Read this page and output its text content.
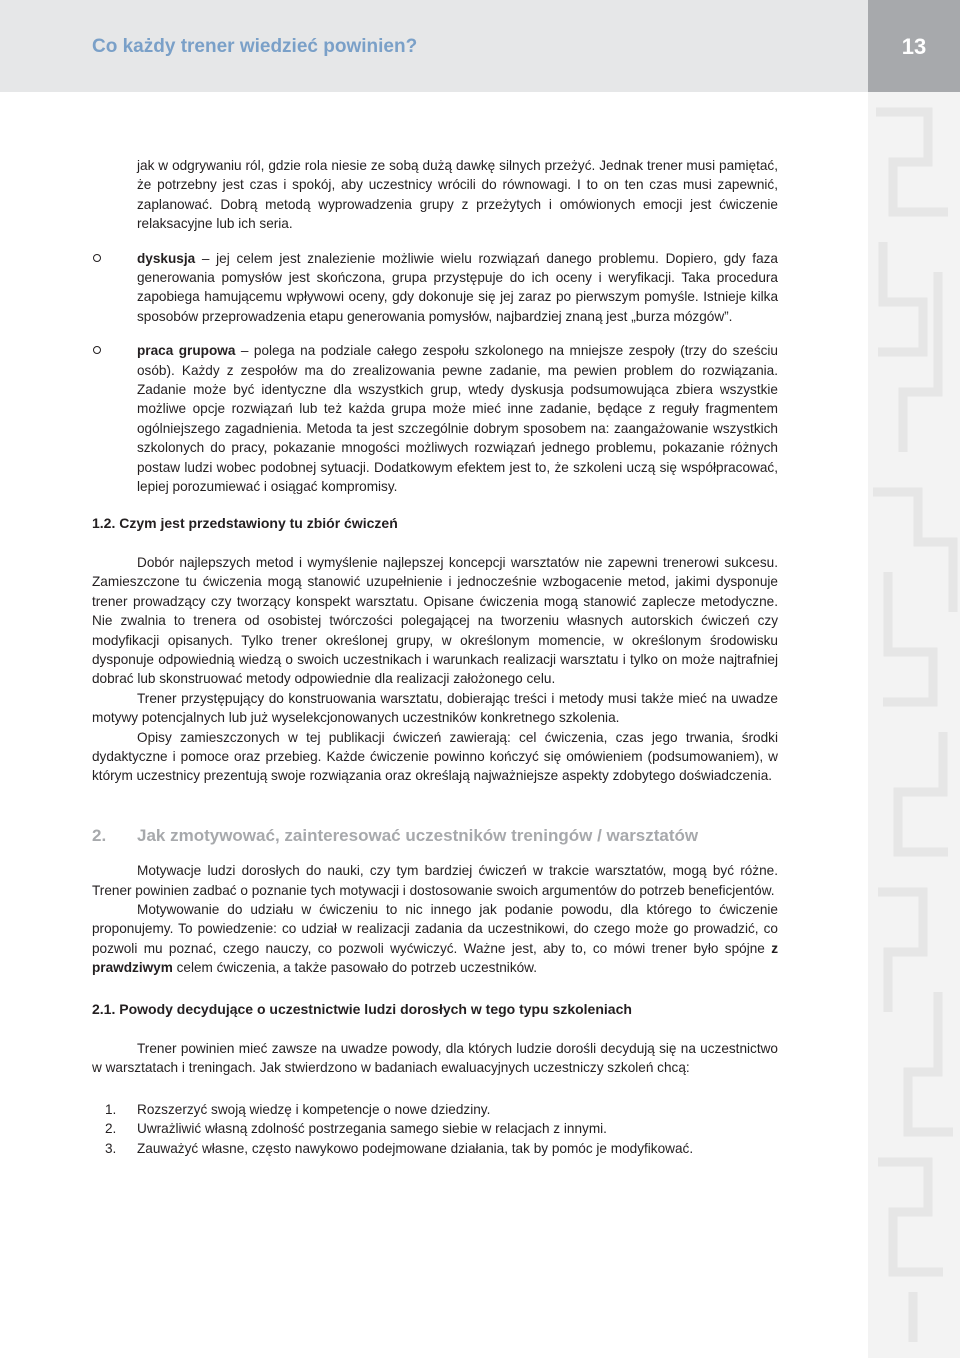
Co każdy trener wiedzieć powinien?	13

jak w odgrywaniu ról, gdzie rola niesie ze sobą dużą dawkę silnych przeżyć. Jednak trener musi pamiętać, że potrzebny jest czas i spokój, aby uczestnicy wrócili do równowagi. I to on ten czas musi zapewnić, zaplanować. Dobrą metodą wyprowadzenia grupy z przeżytych i omówionych emocji jest ćwiczenie relaksacyjne lub ich seria.

dyskusja – jej celem jest znalezienie możliwie wielu rozwiązań danego problemu. Dopiero, gdy faza generowania pomysłów jest skończona, grupa przystępuje do ich oceny i weryfikacji. Taka procedura zapobiega hamującemu wpływowi oceny, gdy dokonuje się jej zaraz po pierwszym pomyśle. Istnieje kilka sposobów przeprowadzenia etapu generowania pomysłów, najbardziej znaną jest „burza mózgów”.

praca grupowa – polega na podziale całego zespołu szkolonego na mniejsze zespoły (trzy do sześciu osób). Każdy z zespołów ma do zrealizowania pewne zadanie, ma pewien problem do rozwiązania. Zadanie może być identyczne dla wszystkich grup, wtedy dyskusja podsumowująca zbiera wszystkie możliwe opcje rozwiązań lub też każda grupa może mieć inne zadanie, będące z reguły fragmentem ogólniejszego zagadnienia. Metoda ta jest szczególnie dobrym sposobem na: zaangażowanie wszystkich szkolonych do pracy, pokazanie mnogości możliwych rozwiązań jednego problemu, pokazanie różnych postaw ludzi wobec podobnej sytuacji. Dodatkowym efektem jest to, że szkoleni uczą się współpracować, lepiej porozumiewać i osiągać kompromisy.

1.2. Czym jest przedstawiony tu zbiór ćwiczeń

Dobór najlepszych metod i wymyślenie najlepszej koncepcji warsztatów nie zapewni trenerowi sukcesu. Zamieszczone tu ćwiczenia mogą stanowić uzupełnienie i jednocześnie wzbogacenie metod, jakimi dysponuje trener prowadzący czy tworzący konspekt warsztatu. Opisane ćwiczenia mogą stanowić zaplecze metodyczne. Nie zwalnia to trenera od osobistej twórczości polegającej na tworzeniu własnych autorskich ćwiczeń czy modyfikacji opisanych. Tylko trener określonej grupy, w określonym momencie, w określonym środowisku dysponuje odpowiednią wiedzą o swoich uczestnikach i warunkach realizacji warsztatu i tylko on może najtrafniej dobrać lub skonstruować metody odpowiednie dla realizacji założonego celu.

Trener przystępujący do konstruowania warsztatu, dobierając treści i metody musi także mieć na uwadze motywy potencjalnych lub już wyselekcjonowanych uczestników konkretnego szkolenia.

Opisy zamieszczonych w tej publikacji ćwiczeń zawierają: cel ćwiczenia, czas jego trwania, środki dydaktyczne i pomoce oraz przebieg. Każde ćwiczenie powinno kończyć się omówieniem (podsumowaniem), w którym uczestnicy prezentują swoje rozwiązania oraz określają najważniejsze aspekty zdobytego doświadczenia.

2. Jak zmotywować, zainteresować uczestników treningów / warsztatów

Motywacje ludzi dorosłych do nauki, czy tym bardziej ćwiczeń w trakcie warsztatów, mogą być różne. Trener powinien zadbać o poznanie tych motywacji i dostosowanie swoich argumentów do potrzeb beneficjentów.

Motywowanie do udziału w ćwiczeniu to nic innego jak podanie powodu, dla którego to ćwiczenie proponujemy. To powiedzenie: co udział w realizacji zadania da uczestnikowi, do czego może go prowadzić, co pozwoli mu poznać, czego nauczy, co pozwoli wyćwiczyć. Ważne jest, aby to, co mówi trener było spójne z prawdziwym celem ćwiczenia, a także pasowało do potrzeb uczestników.

2.1. Powody decydujące o uczestnictwie ludzi dorosłych w tego typu szkoleniach

Trener powinien mieć zawsze na uwadze powody, dla których ludzie dorośli decydują się na uczestnictwo w warsztatach i treningach. Jak stwierdzono w badaniach ewaluacyjnych uczestniczy szkoleń chcą:

1. Rozszerzyć swoją wiedzę i kompetencje o nowe dziedziny.
2. Uwrażliwić własną zdolność postrzegania samego siebie w relacjach z innymi.
3. Zauważyć własne, często nawykowo podejmowane działania, tak by pomóc je modyfikować.
